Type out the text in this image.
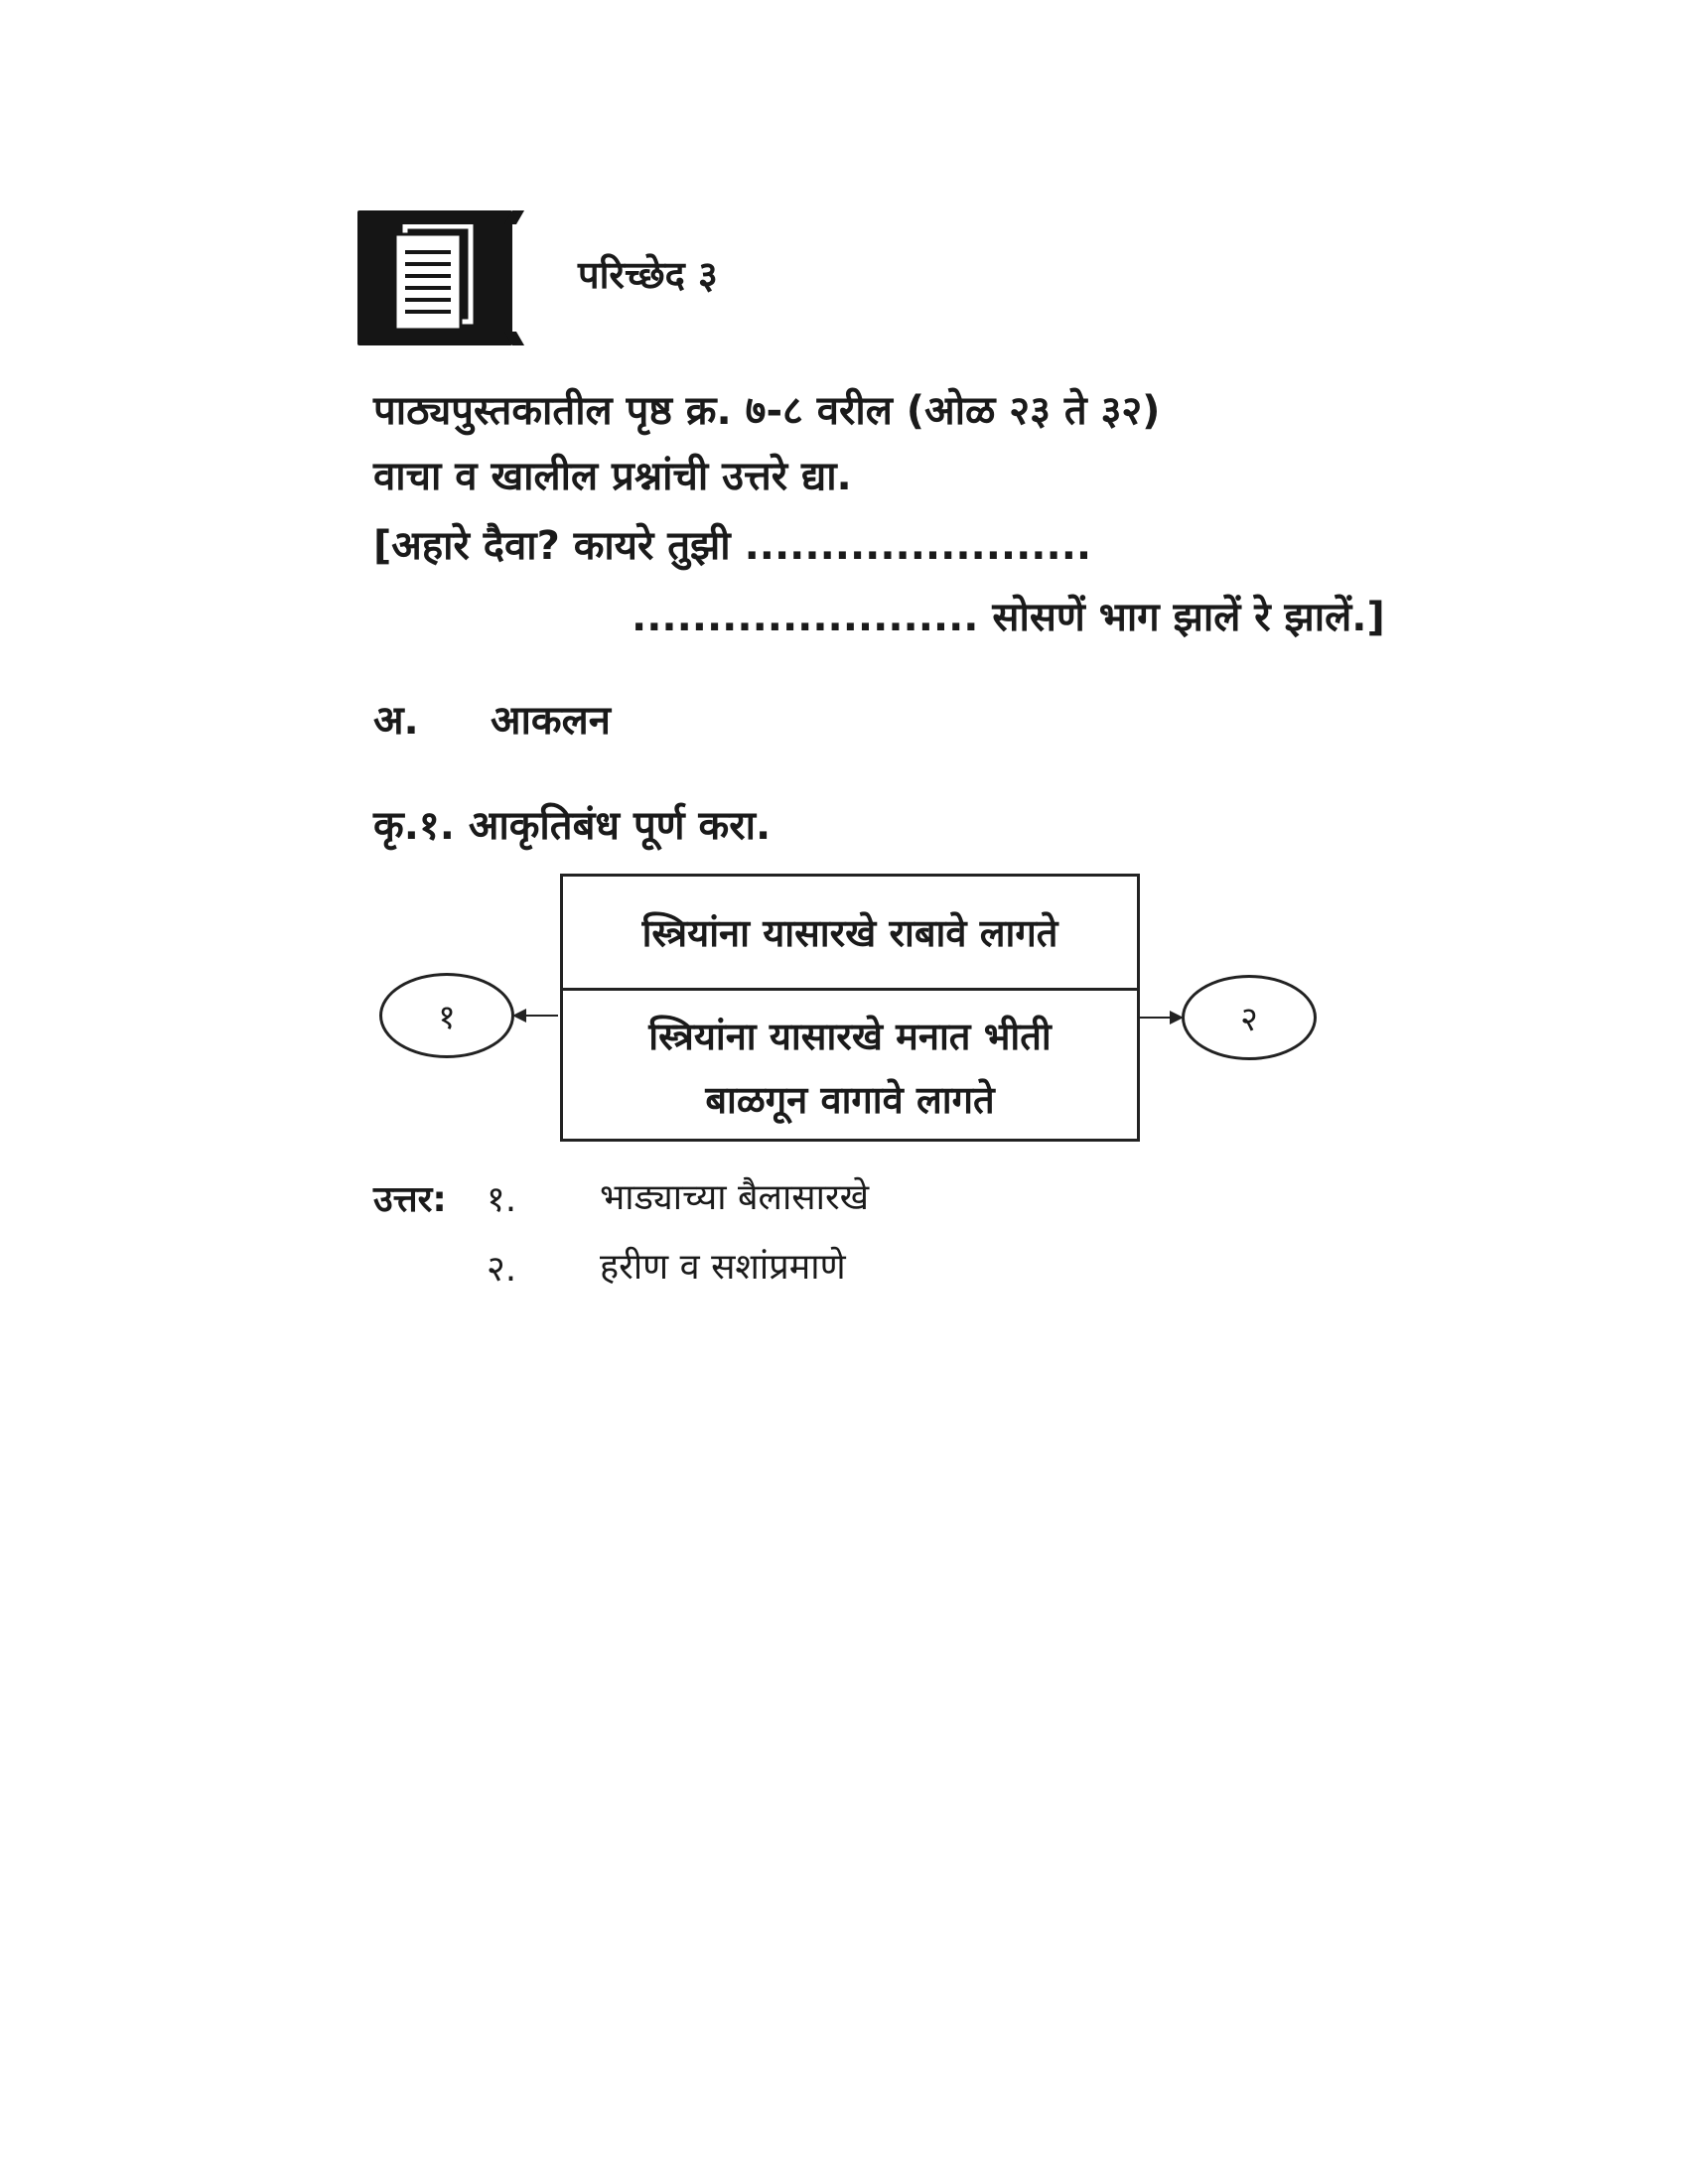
परिच्छेद ३
पाठ्यपुस्तकातील पृष्ठ क्र. ७-८ वरील (ओळ २३ ते ३२)
वाचा व खालील प्रश्नांची उत्तरे द्या.
[अहारे दैवा? कायरे तुझी .......................
....................... सोसणें भाग झालें रे झालें.]
अ. आकलन
कृ.१. आकृतिबंध पूर्ण करा.
स्त्रियांना यासारखे राबावे लागते
स्त्रियांना यासारखे मनात भीती
बाळगून वागावे लागते
१	२
उत्तर: १. भाड्याच्या बैलासारखे
२. हरीण व सशांप्रमाणे
